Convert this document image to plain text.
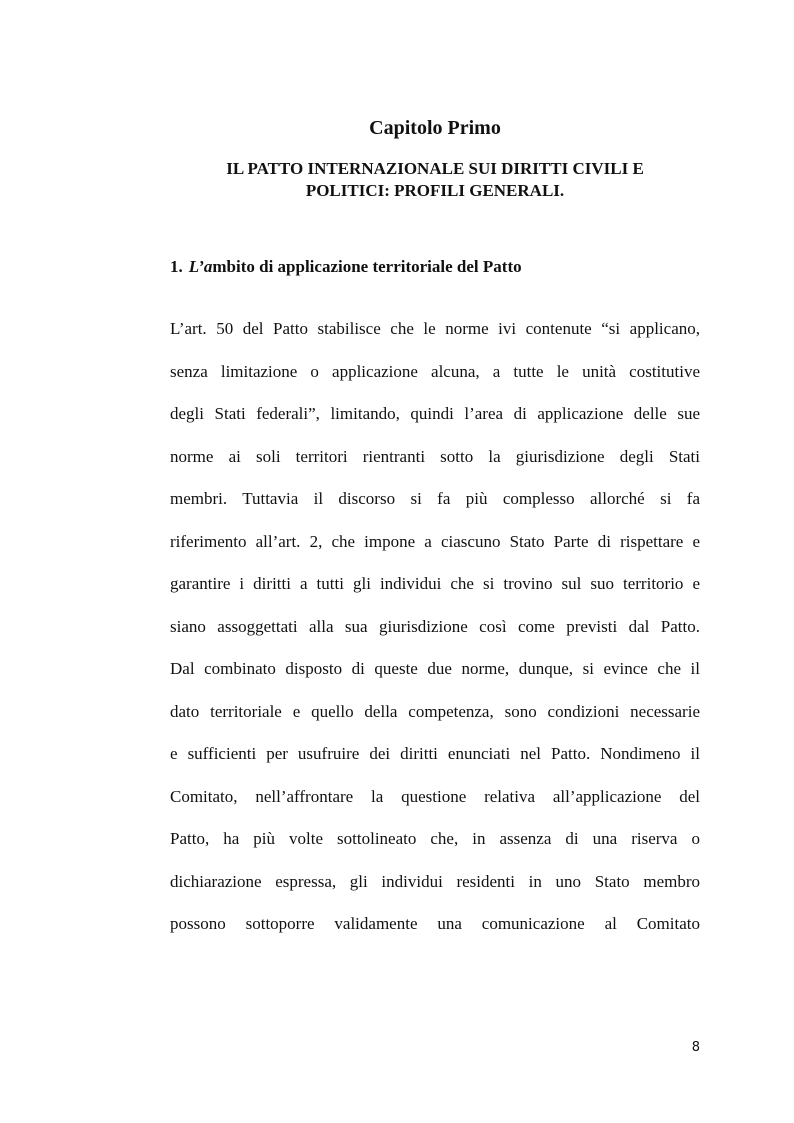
Capitolo Primo
IL PATTO INTERNAZIONALE SUI DIRITTI CIVILI E
POLITICI: PROFILI GENERALI.
1. L’ambito di applicazione territoriale del Patto
L’art. 50 del Patto stabilisce che le norme ivi contenute “si applicano,
senza limitazione o applicazione alcuna, a tutte le unità costitutive
degli Stati federali”, limitando, quindi l’area di applicazione delle sue
norme ai soli territori rientranti sotto la giurisdizione degli Stati
membri. Tuttavia il discorso si fa più complesso allorché si fa
riferimento all’art. 2, che impone a ciascuno Stato Parte di rispettare e
garantire i diritti a tutti gli individui che si trovino sul suo territorio e
siano assoggettati alla sua giurisdizione così come previsti dal Patto.
Dal combinato disposto di queste due norme, dunque, si evince che il
dato territoriale e quello della competenza, sono condizioni necessarie
e sufficienti per usufruire dei diritti enunciati nel Patto. Nondimeno il
Comitato, nell’affrontare la questione relativa all’applicazione del
Patto, ha più volte sottolineato che, in assenza di una riserva o
dichiarazione espressa, gli individui residenti in uno Stato membro
possono sottoporre validamente una comunicazione al Comitato
8
